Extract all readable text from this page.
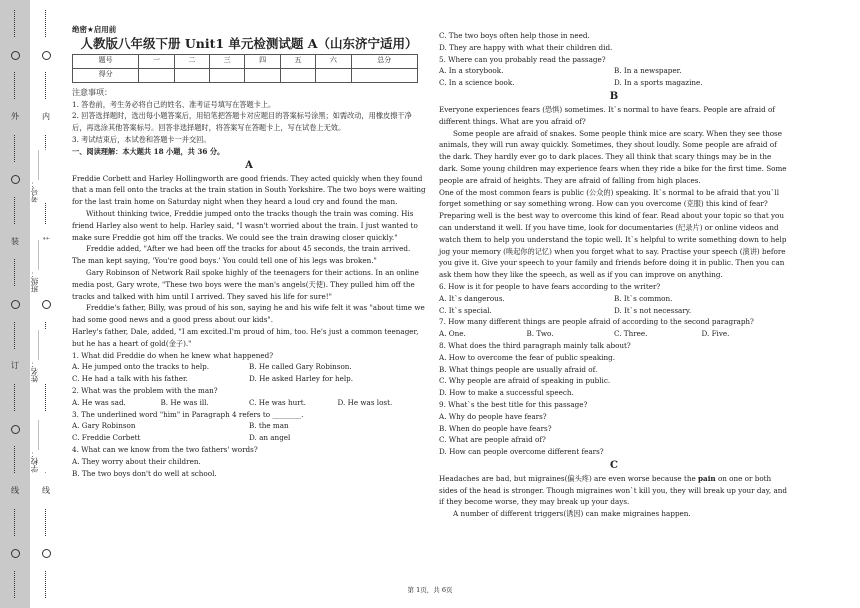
外
装
订
线
内
线
学校：________
姓名：________
班级：________
考号：________

绝密★启用前

人教版八年级下册 Unit1 单元检测试题 A（山东济宁适用）

题号	一	二	三	四	五	六	总分
得分							

注意事项：

1. 答卷前，考生务必将自己的姓名、准考证号填写在答题卡上。

2. 回答选择题时，选出每小题答案后，用铅笔把答题卡对应题目的答案标号涂黑；如需改动，用橡皮擦干净后，再选涂其他答案标号。回答非选择题时，将答案写在答题卡上，写在试卷上无效。

3. 考试结束后，本试卷和答题卡一并交回。

一、阅读理解：本大题共 18 小题，共 36 分。

A

Freddie Corbett and Harley Hollingworth are good friends. They acted quickly when they found that a man fell onto the tracks at the train station in South Yorkshire. The two boys were waiting for the last train home on Saturday night when they heard a loud cry and found the man.

Without thinking twice, Freddie jumped onto the tracks though the train was coming. His friend Harley also went to help. Harley said, "I wasn't worried about the train. I just wanted to make sure Freddie got him off the tracks. We could see the train drawing closer quickly."

Freddie added, "After we had been off the tracks for about 45 seconds, the train arrived. The man kept saying, 'You're good boys.' You could tell one of his legs was broken."

Gary Robinson of Network Rail spoke highly of the teenagers for their actions. In an online media post, Gary wrote, "These two boys were the man's angels(天使). They pulled him off the tracks and talked with him until I arrived. They saved his life for sure!"

Freddie's father, Billy, was proud of his son, saying he and his wife felt it was "about time we had some good news and a good press about our kids".

Harley's father, Dale, added, "I am excited.I'm proud of him, too. He's just a common teenager, but he has a heart of gold(金子)."

1. What did Freddie do when he knew what happened?

A. He jumped onto the tracks to help.	B. He called Gary Robinson.
C. He had a talk with his father.	D. He asked Harley for help.

2. What was the problem with the man?

A. He was sad.	B. He was ill.	C. He was hurt.	D. He was lost.

3. The underlined word "him" in Paragraph 4 refers to ________.

A. Gary Robinson	B. the man
C. Freddie Corbett	D. an angel

4. What can we know from the two fathers' words?

A. They worry about their children.

B. The two boys don't do well at school.

C. The two boys often help those in need.

D. They are happy with what their children did.

5. Where can you probably read the passage?

A. In a storybook.	B. In a newspaper.
C. In a science book.	D. In a sports magazine.

B

Everyone experiences fears (恐惧) sometimes. It`s normal to have fears. People are afraid of different things. What are you afraid of?

Some people are afraid of snakes. Some people think mice are scary. When they see those animals, they will run away quickly. Sometimes, they shout loudly. Some people are afraid of the dark. They hardly ever go to dark places. They all think that scary things may be in the dark. Some young children may experience fears when they ride a bike for the first time. Some people are afraid of heights. They are afraid of falling from high places.

One of the most common fears is public (公众的) speaking. It`s normal to be afraid that you`ll forget something or say something wrong. How can you overcome (克服) this kind of fear? Preparing well is the best way to overcome this kind of fear. Read about your topic so that you can understand it well. If you have time, look for documentaries (纪录片) or online videos and watch them to help you understand the topic well. It`s helpful to write something down to help jog your memory (唤起你的记忆) when you forget what to say. Practise your speech (演讲) before you give it. Give your speech to your family and friends before doing it in public. Then you can ask them how they like the speech, as well as if you can improve on anything.

6. How is it for people to have fears according to the writer?

A. It`s dangerous.	B. It`s common.
C. It`s special.	D. It`s not necessary.

7. How many different things are people afraid of according to the second paragraph?

A. One.	B. Two.	C. Three.	D. Five.

8. What does the third paragraph mainly talk about?

A. How to overcome the fear of public speaking.

B. What things people are usually afraid of.

C. Why people are afraid of speaking in public.

D. How to make a successful speech.

9. What`s the best title for this passage?

A. Why do people have fears?

B. When do people have fears?

C. What are people afraid of?

D. How can people overcome different fears?

C

Headaches are bad, but migraines(偏头疼) are even worse because the pain on one or both sides of the head is stronger. Though migraines won`t kill you, they will break up your day, and if they become worse, they may break up your days.

A number of different triggers(诱因) can make migraines happen.

第 1页，共 6页
